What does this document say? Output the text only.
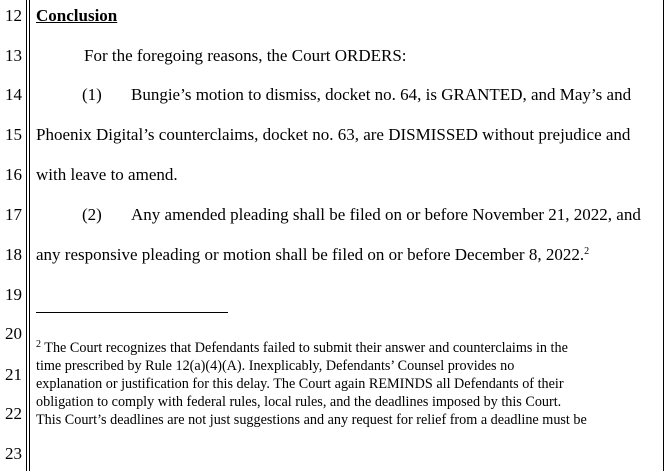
12
13
14
15
16
17
18
19
20
21
22
23
Conclusion
For the foregoing reasons, the Court ORDERS:
(1) Bungie’s motion to dismiss, docket no. 64, is GRANTED, and May’s and
Phoenix Digital’s counterclaims, docket no. 63, are DISMISSED without prejudice and
with leave to amend.
(2) Any amended pleading shall be filed on or before November 21, 2022, and
any responsive pleading or motion shall be filed on or before December 8, 2022.$^2$
$^2$ The Court recognizes that Defendants failed to submit their answer and counterclaims in the
time prescribed by Rule 12(a)(4)(A). Inexplicably, Defendants’ Counsel provides no
explanation or justification for this delay. The Court again REMINDS all Defendants of their
obligation to comply with federal rules, local rules, and the deadlines imposed by this Court.
This Court’s deadlines are not just suggestions and any request for relief from a deadline must be
